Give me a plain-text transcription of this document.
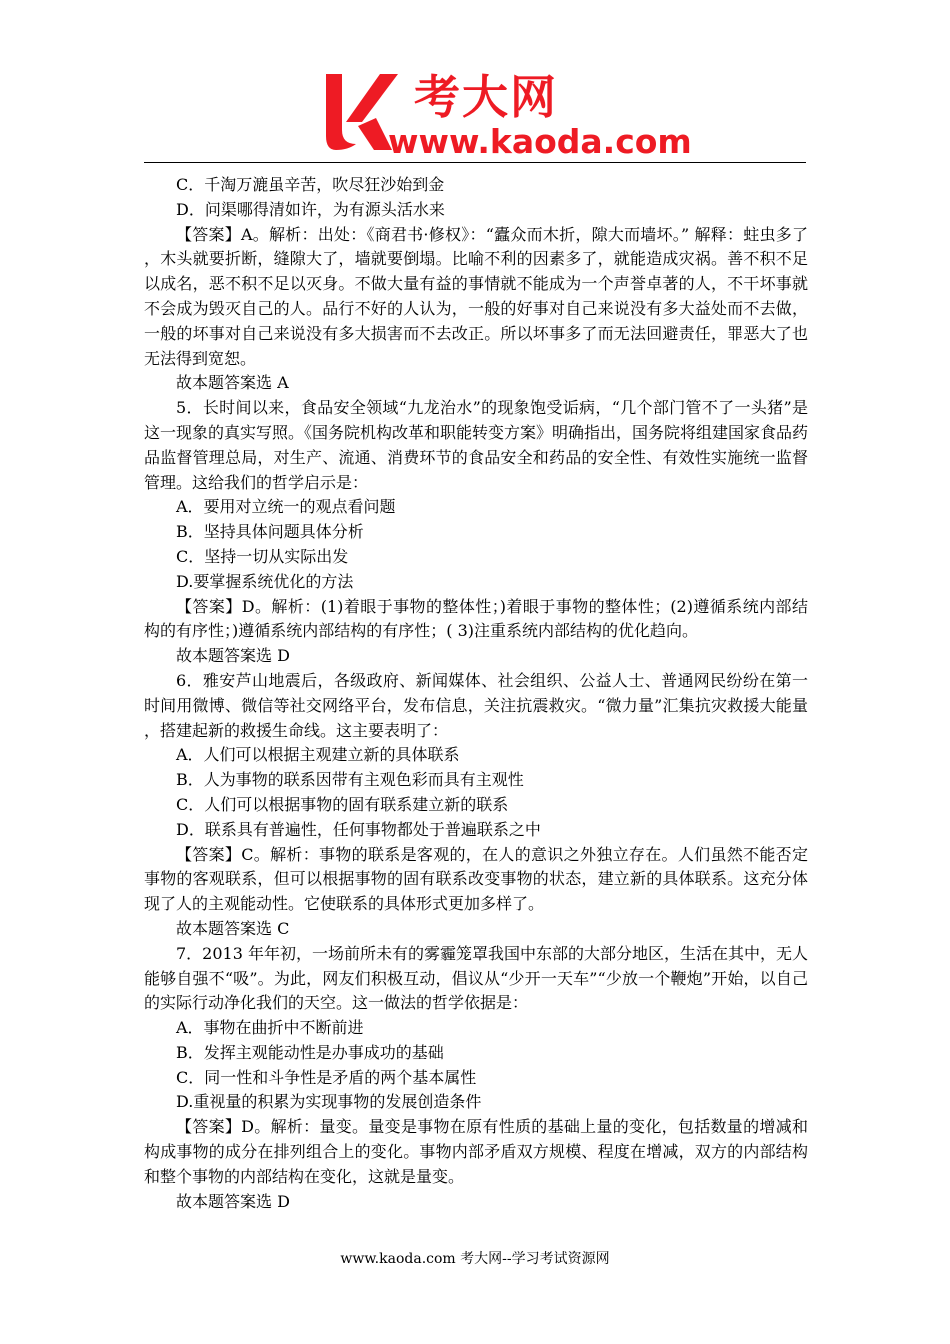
考大网
www.kaoda.com

C．千淘万漉虽辛苦，吹尽狂沙始到金

D．问渠哪得清如许，为有源头活水来

【答案】A。解析：出处：《商君书·修权》：“蠹众而木折，隙大而墙坏。” 解释：蛀虫多了，木头就要折断，缝隙大了，墙就要倒塌。比喻不利的因素多了，就能造成灾祸。善不积不足以成名，恶不积不足以灭身。不做大量有益的事情就不能成为一个声誉卓著的人，不干坏事就不会成为毁灭自己的人。品行不好的人认为，一般的好事对自己来说没有多大益处而不去做，一般的坏事对自己来说没有多大损害而不去改正。所以坏事多了而无法回避责任，罪恶大了也无法得到宽恕。

故本题答案选 A

5．长时间以来，食品安全领域“九龙治水”的现象饱受诟病，“几个部门管不了一头猪”是这一现象的真实写照。《国务院机构改革和职能转变方案》明确指出，国务院将组建国家食品药品监督管理总局，对生产、流通、消费环节的食品安全和药品的安全性、有效性实施统一监督管理。这给我们的哲学启示是：

A．要用对立统一的观点看问题

B．坚持具体问题具体分析

C．坚持一切从实际出发

D.要掌握系统优化的方法

【答案】D。解析：(1)着眼于事物的整体性；)着眼于事物的整体性；(2)遵循系统内部结构的有序性；)遵循系统内部结构的有序性；( 3)注重系统内部结构的优化趋向。

故本题答案选 D

6．雅安芦山地震后，各级政府、新闻媒体、社会组织、公益人士、普通网民纷纷在第一时间用微博、微信等社交网络平台，发布信息，关注抗震救灾。“微力量”汇集抗灾救援大能量，搭建起新的救援生命线。这主要表明了：

A．人们可以根据主观建立新的具体联系

B．人为事物的联系因带有主观色彩而具有主观性

C．人们可以根据事物的固有联系建立新的联系

D．联系具有普遍性，任何事物都处于普遍联系之中

【答案】C。解析：事物的联系是客观的，在人的意识之外独立存在。人们虽然不能否定事物的客观联系，但可以根据事物的固有联系改变事物的状态，建立新的具体联系。这充分体现了人的主观能动性。它使联系的具体形式更加多样了。

故本题答案选 C

7．2013 年年初，一场前所未有的雾霾笼罩我国中东部的大部分地区，生活在其中，无人能够自强不“吸”。为此，网友们积极互动，倡议从“少开一天车”“少放一个鞭炮”开始，以自己的实际行动净化我们的天空。这一做法的哲学依据是：

A．事物在曲折中不断前进

B．发挥主观能动性是办事成功的基础

C．同一性和斗争性是矛盾的两个基本属性

D.重视量的积累为实现事物的发展创造条件

【答案】D。解析：量变。量变是事物在原有性质的基础上量的变化，包括数量的增减和构成事物的成分在排列组合上的变化。事物内部矛盾双方规模、程度在增减，双方的内部结构和整个事物的内部结构在变化，这就是量变。

故本题答案选 D

www.kaoda.com 考大网--学习考试资源网
